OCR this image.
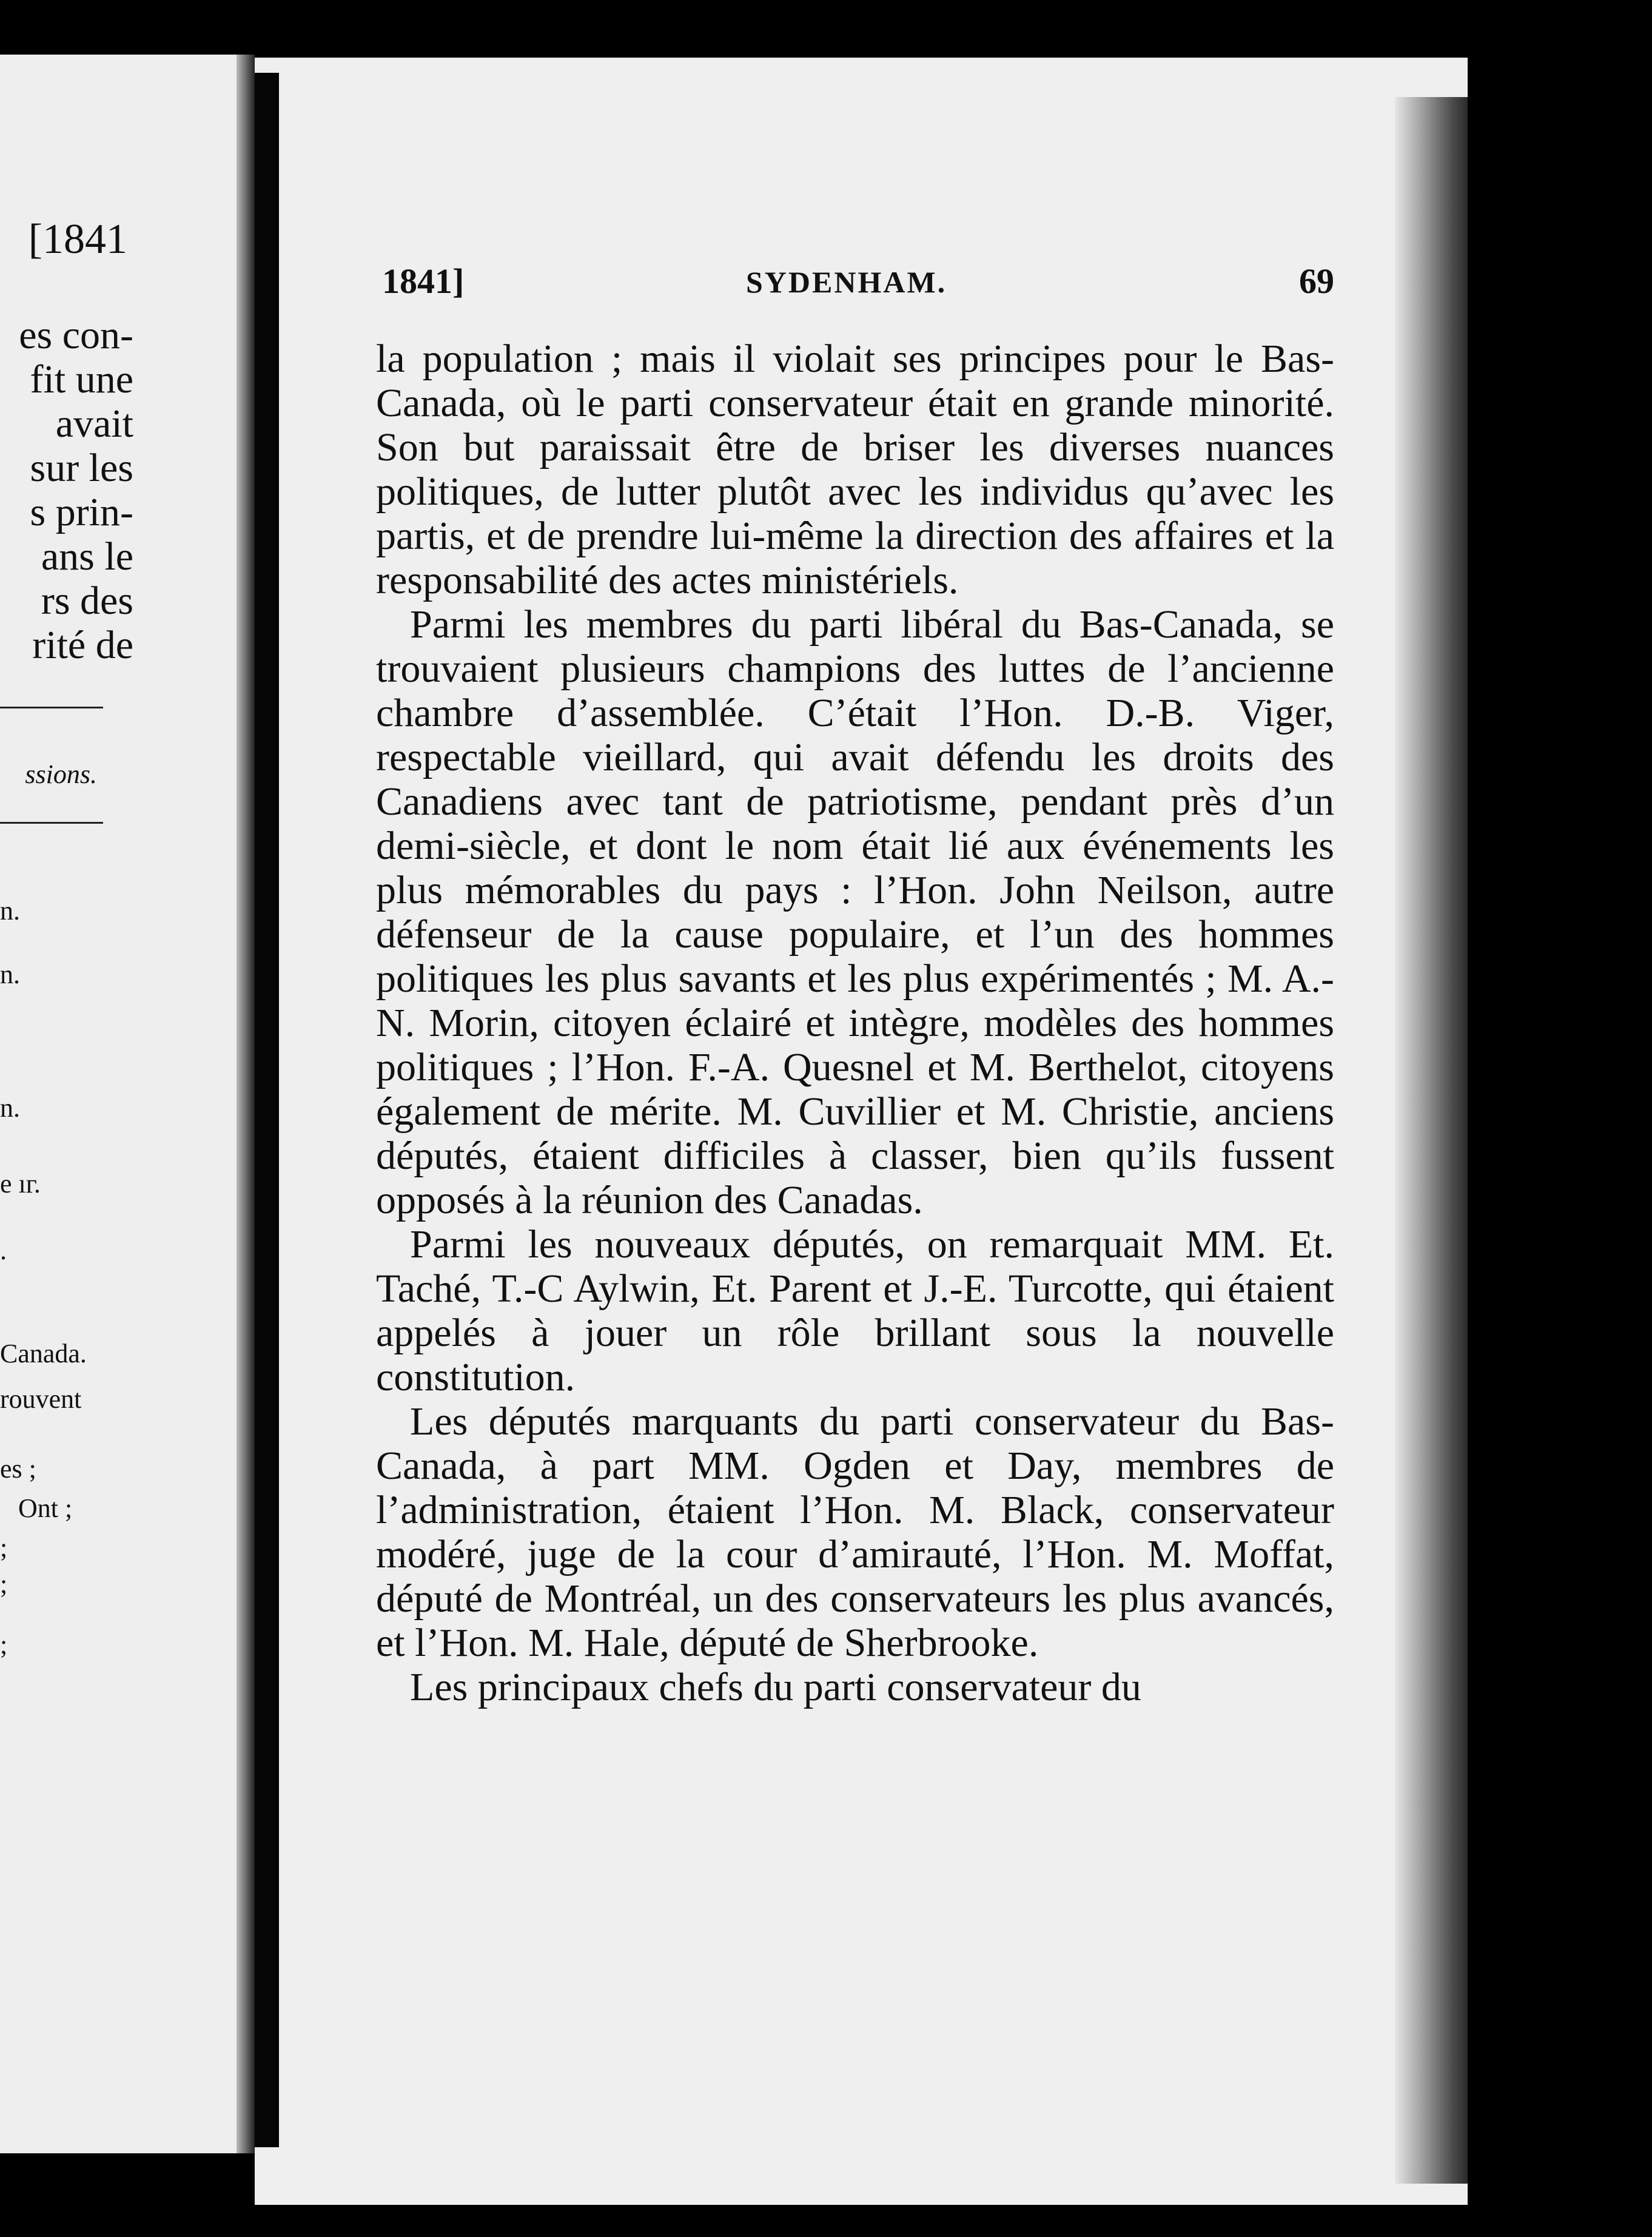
[1841
es con-
fit une
avait
sur les
s prin-
ans le
rs des
rité de
ssions.
n.
n.
n.
e ıг.
.
Canada.
rouvent
es ;
Ont ;
;
;
;
1841]	SYDENHAM.	69

la population ; mais il violait ses principes pour le Bas-Canada, où le parti conservateur était en grande minorité. Son but paraissait être de briser les diverses nuances politiques, de lutter plutôt avec les individus qu’avec les partis, et de prendre lui-même la direction des affaires et la responsabilité des actes ministériels.

Parmi les membres du parti libéral du Bas-Canada, se trouvaient plusieurs champions des luttes de l’ancienne chambre d’assemblée. C’était l’Hon. D.-B. Viger, respectable vieillard, qui avait défendu les droits des Canadiens avec tant de patriotisme, pendant près d’un demi-siècle, et dont le nom était lié aux événements les plus mémorables du pays : l’Hon. John Neilson, autre défenseur de la cause populaire, et l’un des hommes politiques les plus savants et les plus expérimentés ; M. A.-N. Morin, citoyen éclairé et intègre, modèles des hommes politiques ; l’Hon. F.-A. Quesnel et M. Berthelot, citoyens également de mérite. M. Cuvillier et M. Christie, anciens députés, étaient difficiles à classer, bien qu’ils fussent opposés à la réunion des Canadas.

Parmi les nouveaux députés, on remarquait MM. Et. Taché, T.-C Aylwin, Et. Parent et J.-E. Turcotte, qui étaient appelés à jouer un rôle brillant sous la nouvelle constitution.

Les députés marquants du parti conservateur du Bas-Canada, à part MM. Ogden et Day, membres de l’administration, étaient l’Hon. M. Black, conservateur modéré, juge de la cour d’amirauté, l’Hon. M. Moffat, député de Montréal, un des conservateurs les plus avancés, et l’Hon. M. Hale, député de Sherbrooke.

Les principaux chefs du parti conservateur du
